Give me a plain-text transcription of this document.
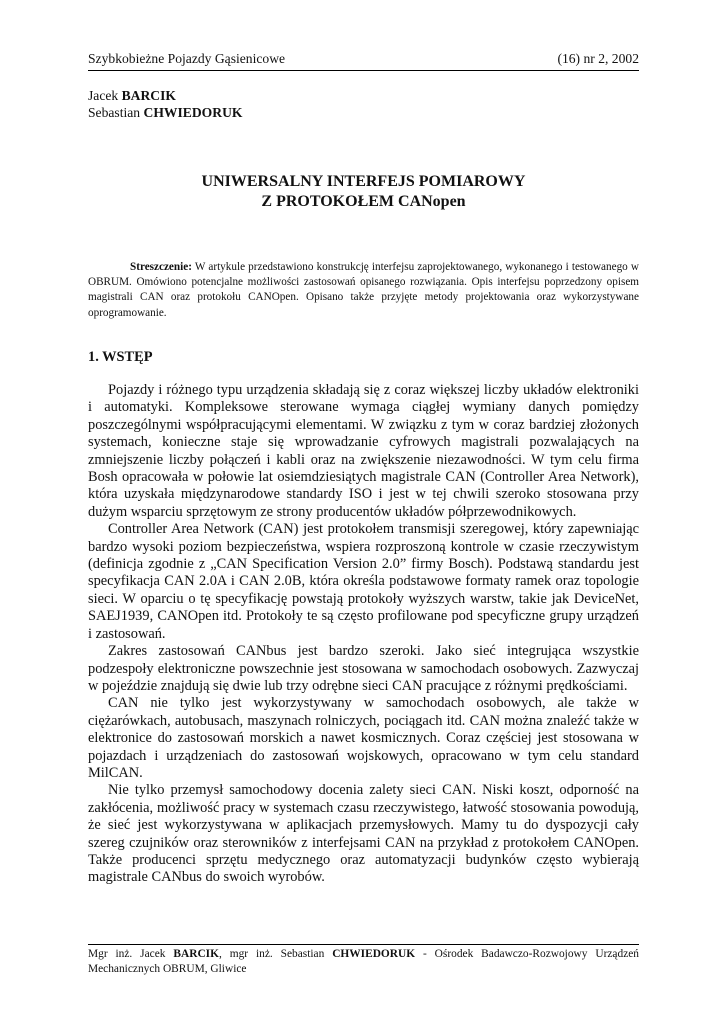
Szybkobieżne Pojazdy Gąsienicowe	(16) nr 2, 2002
Jacek BARCIK
Sebastian CHWIEDORUK
UNIWERSALNY INTERFEJS POMIAROWY
Z PROTOKOŁEM CANopen
Streszczenie: W artykule przedstawiono konstrukcję interfejsu zaprojektowanego, wykonanego i testowanego w OBRUM. Omówiono potencjalne możliwości zastosowań opisanego rozwiązania. Opis interfejsu poprzedzony opisem magistrali CAN oraz protokołu CANOpen. Opisano także przyjęte metody projektowania oraz wykorzystywane oprogramowanie.
1. WSTĘP

Pojazdy i różnego typu urządzenia składają się z coraz większej liczby układów elektroniki i automatyki. Kompleksowe sterowane wymaga ciągłej wymiany danych pomiędzy poszczególnymi współpracującymi elementami. W związku z tym w coraz bardziej złożonych systemach, konieczne staje się wprowadzanie cyfrowych magistrali pozwalających na zmniejszenie liczby połączeń i kabli oraz na zwiększenie niezawodności. W tym celu firma Bosh opracowała w połowie lat osiemdziesiątych magistrale CAN (Controller Area Network), która uzyskała międzynarodowe standardy ISO i jest w tej chwili szeroko stosowana przy dużym wsparciu sprzętowym ze strony producentów układów półprzewodnikowych.

Controller Area Network (CAN) jest protokołem transmisji szeregowej, który zapewniając bardzo wysoki poziom bezpieczeństwa, wspiera rozproszoną kontrole w czasie rzeczywistym (definicja zgodnie z „CAN Specification Version 2.0” firmy Bosch). Podstawą standardu jest specyfikacja CAN 2.0A i CAN 2.0B, która określa podstawowe formaty ramek oraz topologie sieci. W oparciu o tę specyfikację powstają protokoły wyższych warstw, takie jak DeviceNet, SAEJ1939, CANOpen itd. Protokoły te są często profilowane pod specyficzne grupy urządzeń i zastosowań.

Zakres zastosowań CANbus jest bardzo szeroki. Jako sieć integrująca wszystkie podzespoły elektroniczne powszechnie jest stosowana w samochodach osobowych. Zazwyczaj w pojeździe znajdują się dwie lub trzy odrębne sieci CAN pracujące z różnymi prędkościami.

CAN nie tylko jest wykorzystywany w samochodach osobowych, ale także w ciężarówkach, autobusach, maszynach rolniczych, pociągach itd. CAN można znaleźć także w elektronice do zastosowań morskich a nawet kosmicznych. Coraz częściej jest stosowana w pojazdach i urządzeniach do zastosowań wojskowych, opracowano w tym celu standard MilCAN.

Nie tylko przemysł samochodowy docenia zalety sieci CAN. Niski koszt, odporność na zakłócenia, możliwość pracy w systemach czasu rzeczywistego, łatwość stosowania powodują, że sieć jest wykorzystywana w aplikacjach przemysłowych. Mamy tu do dyspozycji cały szereg czujników oraz sterowników z interfejsami CAN na przykład z protokołem CANOpen. Także producenci sprzętu medycznego oraz automatyzacji budynków często wybierają magistrale CANbus do swoich wyrobów.

Mgr inż. Jacek BARCIK, mgr inż. Sebastian CHWIEDORUK - Ośrodek Badawczo-Rozwojowy Urządzeń Mechanicznych OBRUM, Gliwice
